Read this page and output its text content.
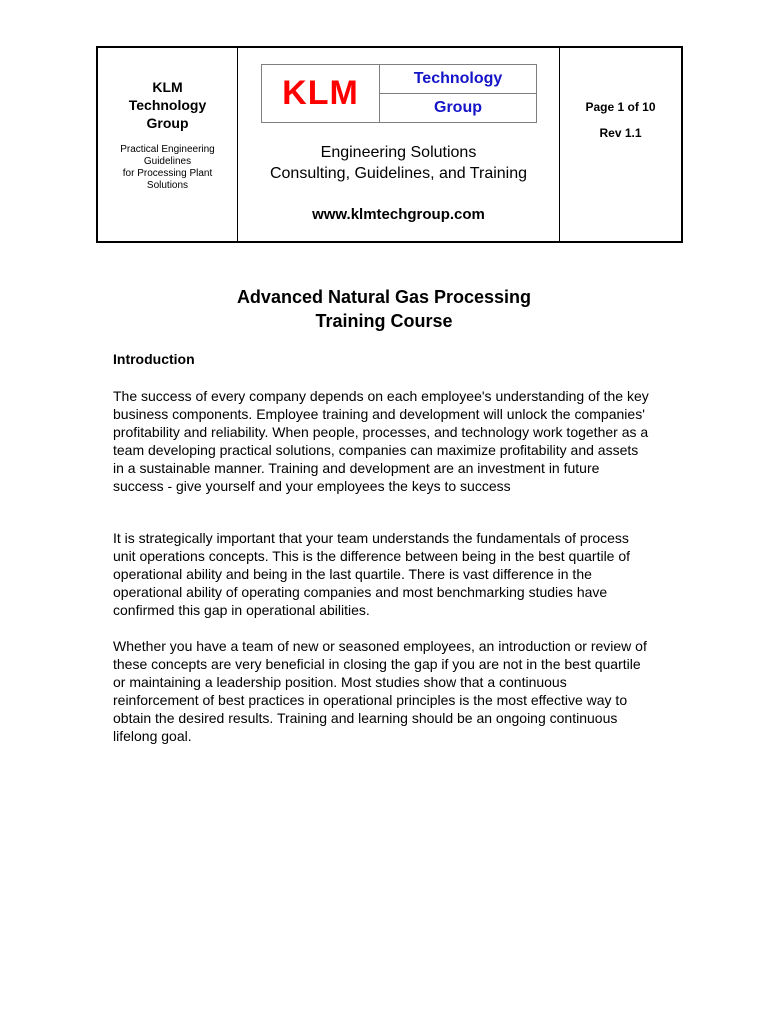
KLM
Technology
Group
Practical Engineering
Guidelines
for Processing Plant
Solutions
KLM	Technology
Group
Engineering Solutions
Consulting, Guidelines, and Training
www.klmtechgroup.com
Page 1 of 10
Rev 1.1
Advanced Natural Gas Processing
Training Course
Introduction

The success of every company depends on each employee's understanding of the key business components. Employee training and development will unlock the companies' profitability and reliability. When people, processes, and technology work together as a team developing practical solutions, companies can maximize profitability and assets in a sustainable manner. Training and development are an investment in future success - give yourself and your employees the keys to success

It is strategically important that your team understands the fundamentals of process unit operations concepts. This is the difference between being in the best quartile of operational ability and being in the last quartile. There is vast difference in the operational ability of operating companies and most benchmarking studies have confirmed this gap in operational abilities.

Whether you have a team of new or seasoned employees, an introduction or review of these concepts are very beneficial in closing the gap if you are not in the best quartile or maintaining a leadership position. Most studies show that a continuous reinforcement of best practices in operational principles is the most effective way to obtain the desired results. Training and learning should be an ongoing continuous lifelong goal.
